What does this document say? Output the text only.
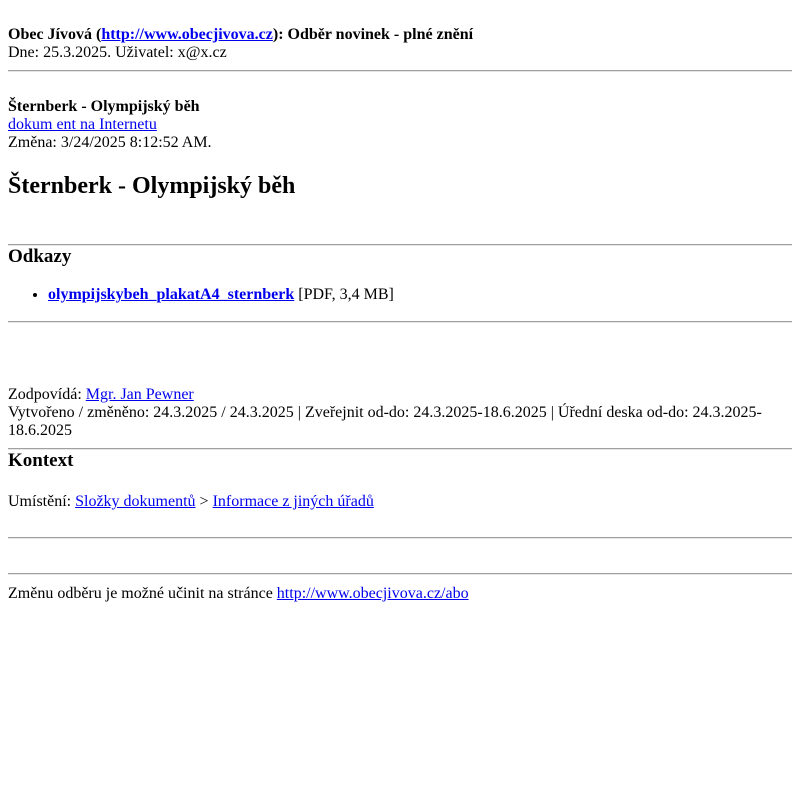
Obec Jívová (http://www.obecjivova.cz): Odběr novinek - plné znění
Dne: 25.3.2025. Uživatel: x@x.cz
Šternberk - Olympijský běh
dokum ent na Internetu
Změna: 3/24/2025 8:12:52 AM.
Šternberk - Olympijský běh
Odkazy
• olympijskybeh_plakatA4_sternberk [PDF, 3,4 MB]
Zodpovídá: Mgr. Jan Pewner
Vytvořeno / změněno: 24.3.2025 / 24.3.2025 | Zveřejnit od-do: 24.3.2025-18.6.2025 | Úřední deska od-do: 24.3.2025-18.6.2025
Kontext
Umístění: Složky dokumentů > Informace z jiných úřadů
Změnu odběru je možné učinit na stránce http://www.obecjivova.cz/abo
